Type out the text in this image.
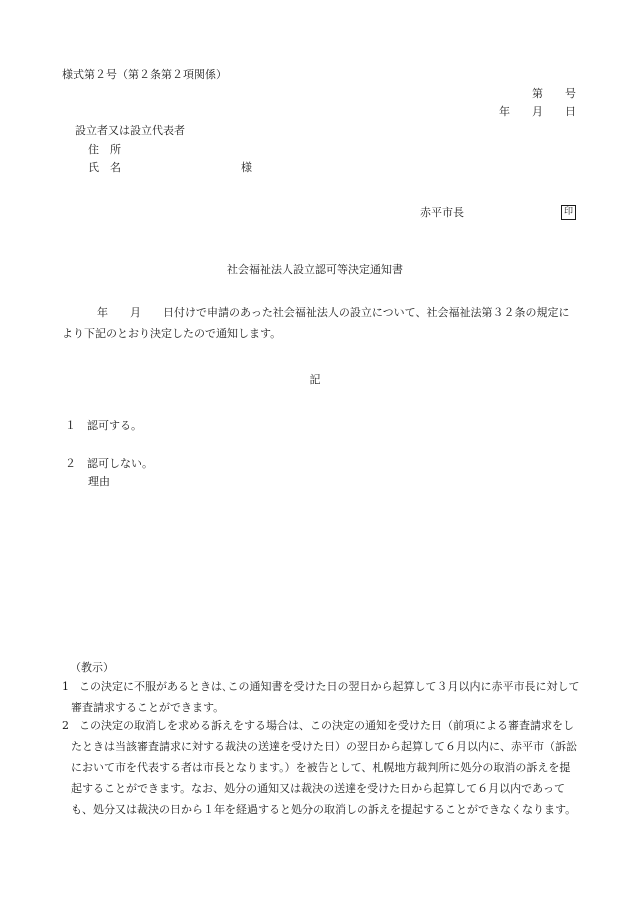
様式第２号（第２条第２項関係）
第　　号
年　　月　　日
設立者又は設立代表者
住　所
氏　名	様
赤平市長	印
社会福祉法人設立認可等決定通知書
年　　月　　日付けで申請のあった社会福祉法人の設立について、社会福祉法第３２条の規定により下記のとおり決定したので通知します。
記
１　認可する。
２　認可しない。
理由
（教示）
1 この決定に不服があるときは､この通知書を受けた日の翌日から起算して３月以内に赤平市長に対して審査請求することができます。
2 この決定の取消しを求める訴えをする場合は、この決定の通知を受けた日（前項による審査請求をしたときは当該審査請求に対する裁決の送達を受けた日）の翌日から起算して６月以内に、赤平市（訴訟において市を代表する者は市長となります。）を被告として、札幌地方裁判所に処分の取消の訴えを提起することができます。なお、処分の通知又は裁決の送達を受けた日から起算して６月以内であっても、処分又は裁決の日から１年を経過すると処分の取消しの訴えを提起することができなくなります。
